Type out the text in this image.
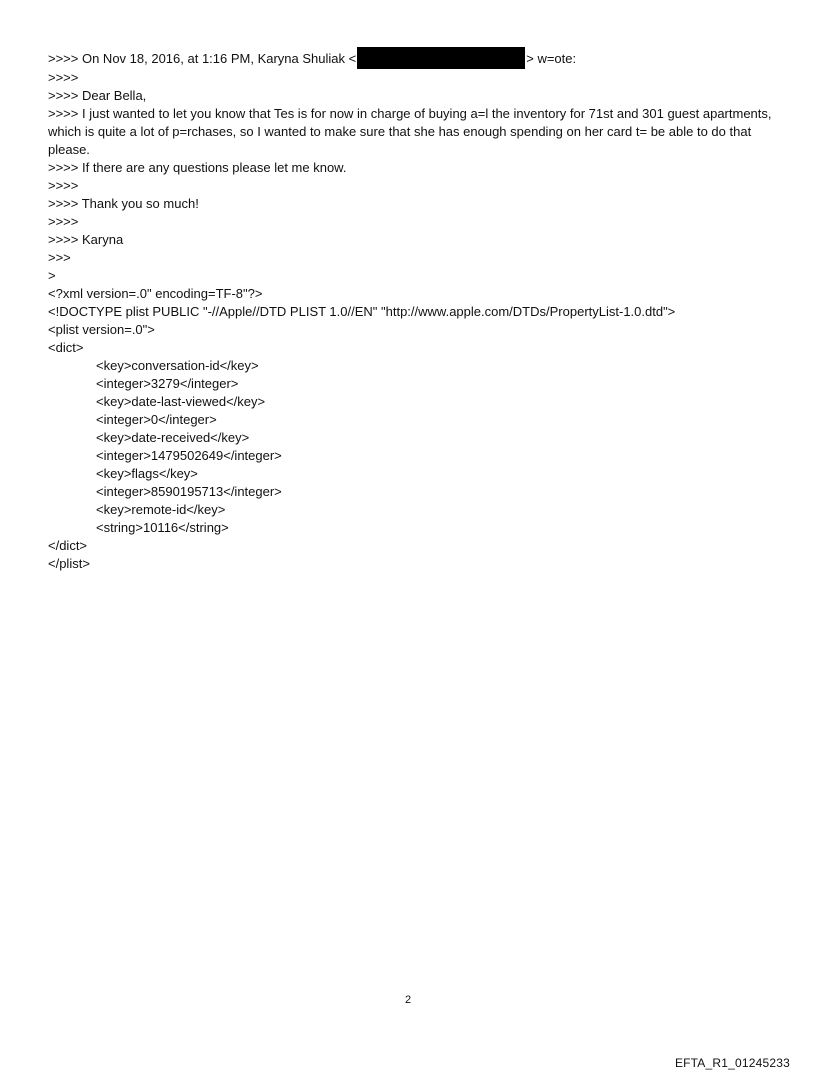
>>>> On Nov 18, 2016, at 1:16 PM, Karyna Shuliak <	> w=ote:
>>>>
>>>> Dear Bella,
>>>> I just wanted to let you know that Tes is for now in charge of buying a=l the inventory for 71st and 301 guest apartments, which is quite a lot of p=rchases, so I wanted to make sure that she has enough spending on her card t= be able to do that please.
>>>> If there are any questions please let me know.
>>>>
>>>> Thank you so much!
>>>>
>>>> Karyna
>>>
>
<?xml version=.0" encoding=TF-8"?>
<!DOCTYPE plist PUBLIC "-//Apple//DTD PLIST 1.0//EN" "http://www.apple.com/DTDs/PropertyList-1.0.dtd">
<plist version=.0">
<dict>
<key>conversation-id</key>
<integer>3279</integer>
<key>date-last-viewed</key>
<integer>0</integer>
<key>date-received</key>
<integer>1479502649</integer>
<key>flags</key>
<integer>8590195713</integer>
<key>remote-id</key>
<string>10116</string>
</dict>
</plist>
2
EFTA_R1_01245233
